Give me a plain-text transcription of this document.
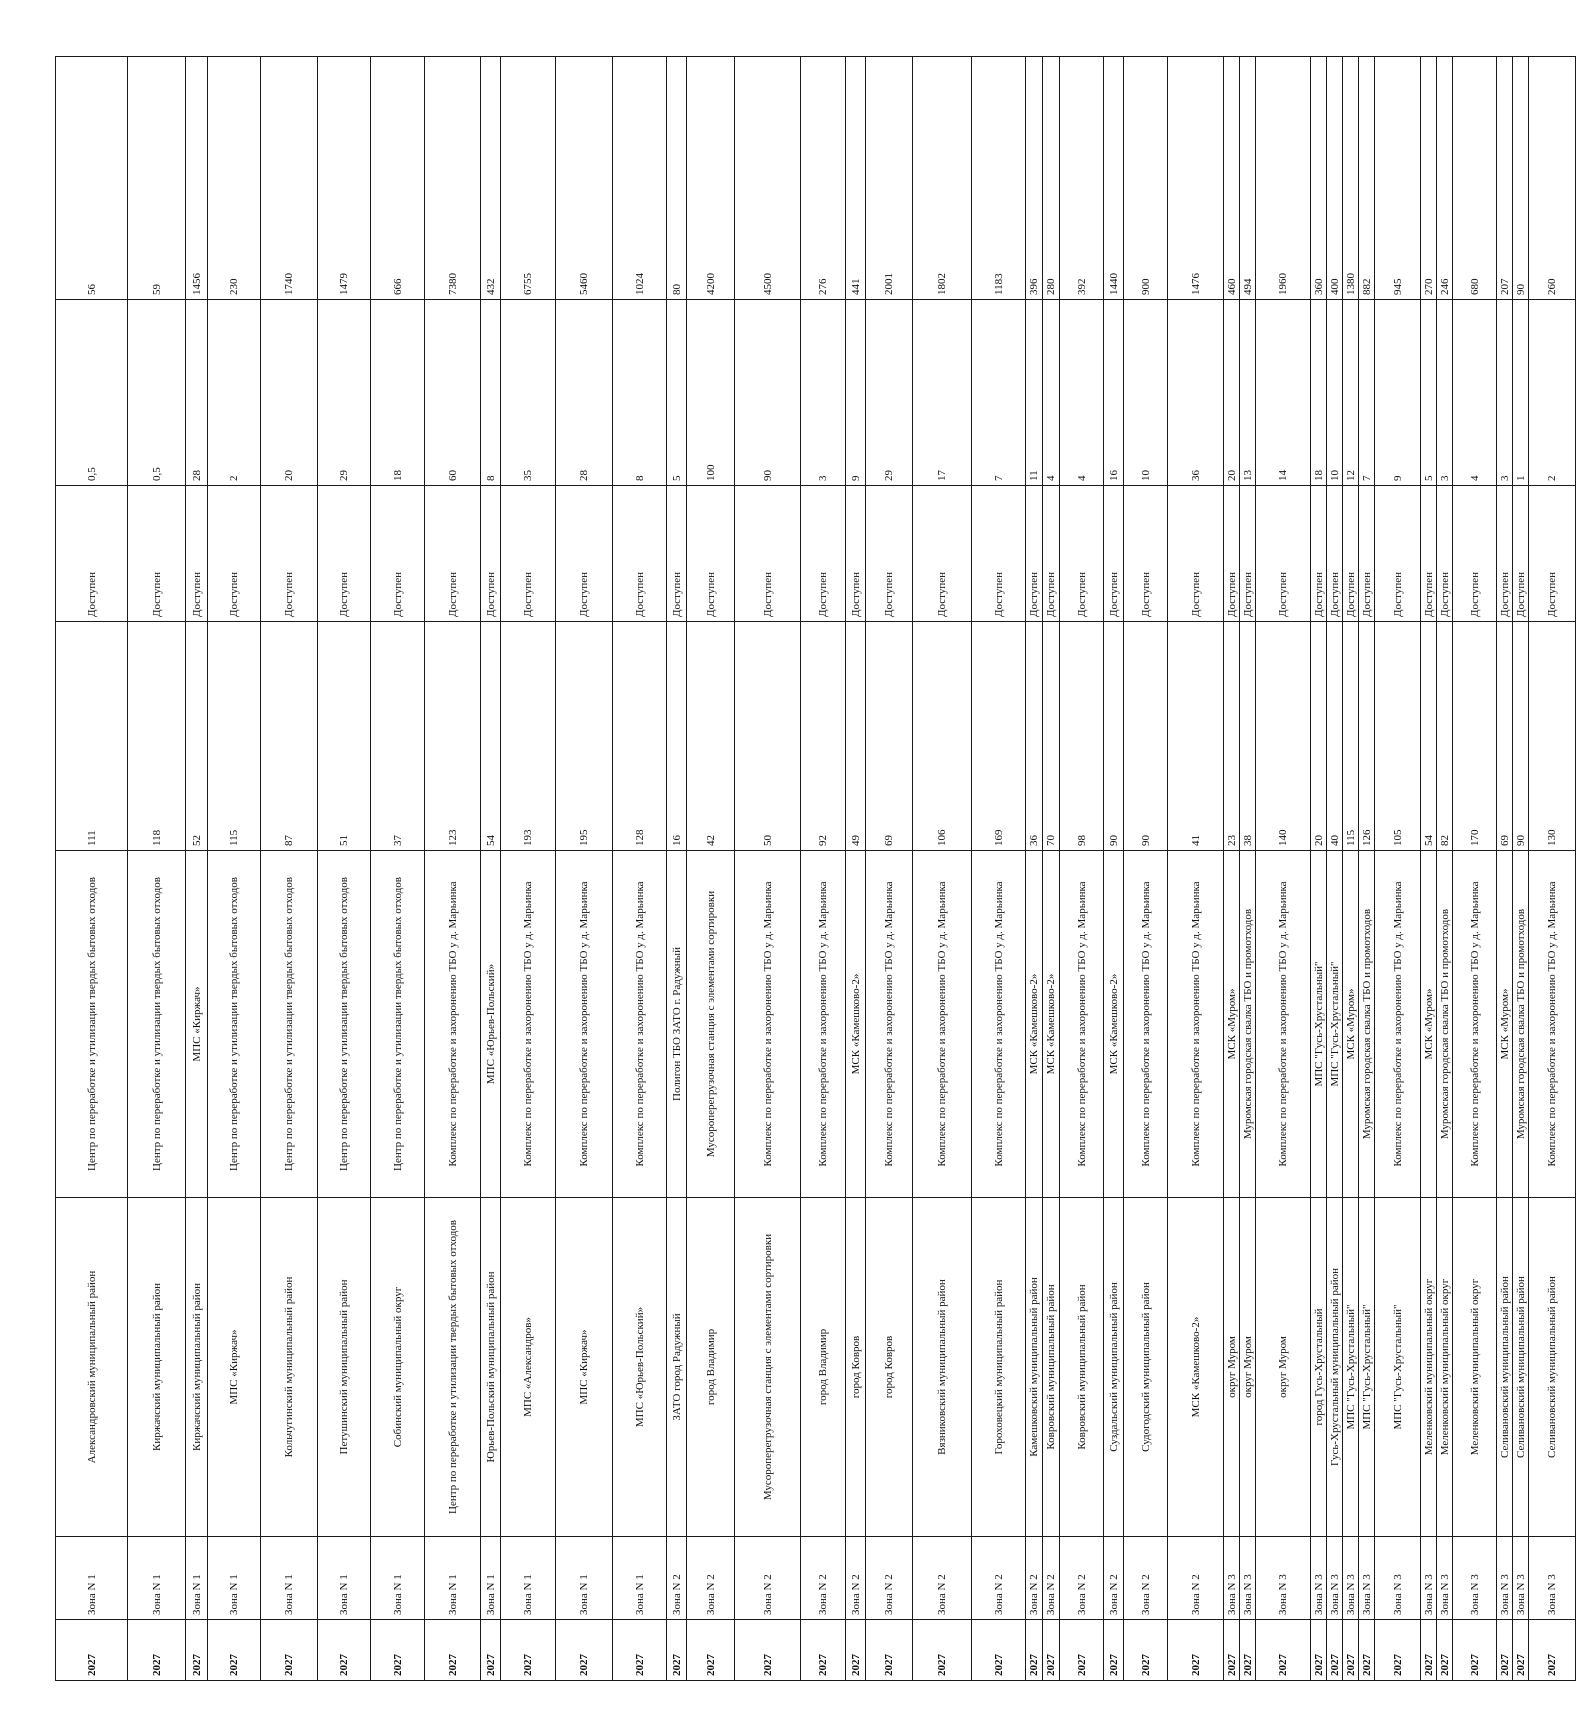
2027	Зона N 1	Александровский муниципальный район	Центр по переработке и утилизации твердых бытовых отходов	111	Доступен	0,5	56
2027	Зона N 1	Киржачский муниципальный район	Центр по переработке и утилизации твердых бытовых отходов	118	Доступен	0,5	59
2027	Зона N 1	Киржачский муниципальный район	МПС «Киржач»	52	Доступен	28	1456
2027	Зона N 1	МПС «Киржач»	Центр по переработке и утилизации твердых бытовых отходов	115	Доступен	2	230
2027	Зона N 1	Кольчугинский муниципальный район	Центр по переработке и утилизации твердых бытовых отходов	87	Доступен	20	1740
2027	Зона N 1	Петушинский муниципальный район	Центр по переработке и утилизации твердых бытовых отходов	51	Доступен	29	1479
2027	Зона N 1	Собинский муниципальный округ	Центр по переработке и утилизации твердых бытовых отходов	37	Доступен	18	666
2027	Зона N 1	Центр по переработке и утилизации твердых бытовых отходов	Комплекс по переработке и захоронению ТБО у д. Марьинка	123	Доступен	60	7380
2027	Зона N 1	Юрьев-Польский муниципальный район	МПС «Юрьев-Польский»	54	Доступен	8	432
2027	Зона N 1	МПС «Александров»	Комплекс по переработке и захоронению ТБО у д. Марьинка	193	Доступен	35	6755
2027	Зона N 1	МПС «Киржач»	Комплекс по переработке и захоронению ТБО у д. Марьинка	195	Доступен	28	5460
2027	Зона N 1	МПС «Юрьев-Польский»	Комплекс по переработке и захоронению ТБО у д. Марьинка	128	Доступен	8	1024
2027	Зона N 2	ЗАТО город Радужный	Полигон ТБО ЗАТО г. Радужный	16	Доступен	5	80
2027	Зона N 2	город Владимир	Мусороперегрузочная станция с элементами сортировки	42	Доступен	100	4200
2027	Зона N 2	Мусороперегрузочная станция с элементами сортировки	Комплекс по переработке и захоронению ТБО у д. Марьинка	50	Доступен	90	4500
2027	Зона N 2	город Владимир	Комплекс по переработке и захоронению ТБО у д. Марьинка	92	Доступен	3	276
2027	Зона N 2	город Ковров	МСК «Камешково-2»	49	Доступен	9	441
2027	Зона N 2	город Ковров	Комплекс по переработке и захоронению ТБО у д. Марьинка	69	Доступен	29	2001
2027	Зона N 2	Вязниковский муниципальный район	Комплекс по переработке и захоронению ТБО у д. Марьинка	106	Доступен	17	1802
2027	Зона N 2	Гороховецкий муниципальный район	Комплекс по переработке и захоронению ТБО у д. Марьинка	169	Доступен	7	1183
2027	Зона N 2	Камешковский муниципальный район	МСК «Камешково-2»	36	Доступен	11	396
2027	Зона N 2	Ковровский муниципальный район	МСК «Камешково-2»	70	Доступен	4	280
2027	Зона N 2	Ковровский муниципальный район	Комплекс по переработке и захоронению ТБО у д. Марьинка	98	Доступен	4	392
2027	Зона N 2	Суздальский муниципальный район	МСК «Камешково-2»	90	Доступен	16	1440
2027	Зона N 2	Судогодский муниципальный район	Комплекс по переработке и захоронению ТБО у д. Марьинка	90	Доступен	10	900
2027	Зона N 2	МСК «Камешково-2»	Комплекс по переработке и захоронению ТБО у д. Марьинка	41	Доступен	36	1476
2027	Зона N 3	округ Муром	МСК «Муром»	23	Доступен	20	460
2027	Зона N 3	округ Муром	Муромская городская свалка ТБО и промотходов	38	Доступен	13	494
2027	Зона N 3	округ Муром	Комплекс по переработке и захоронению ТБО у д. Марьинка	140	Доступен	14	1960
2027	Зона N 3	город Гусь-Хрустальный	МПС "Гусь-Хрустальный"	20	Доступен	18	360
2027	Зона N 3	Гусь-Хрустальный муниципальный район	МПС "Гусь-Хрустальный"	40	Доступен	10	400
2027	Зона N 3	МПС "Гусь-Хрустальный"	МСК «Муром»	115	Доступен	12	1380
2027	Зона N 3	МПС "Гусь-Хрустальный"	Муромская городская свалка ТБО и промотходов	126	Доступен	7	882
2027	Зона N 3	МПС "Гусь-Хрустальный"	Комплекс по переработке и захоронению ТБО у д. Марьинка	105	Доступен	9	945
2027	Зона N 3	Меленковский муниципальный округ	МСК «Муром»	54	Доступен	5	270
2027	Зона N 3	Меленковский муниципальный округ	Муромская городская свалка ТБО и промотходов	82	Доступен	3	246
2027	Зона N 3	Меленковский муниципальный округ	Комплекс по переработке и захоронению ТБО у д. Марьинка	170	Доступен	4	680
2027	Зона N 3	Селивановский муниципальный район	МСК «Муром»	69	Доступен	3	207
2027	Зона N 3	Селивановский муниципальный район	Муромская городская свалка ТБО и промотходов	90	Доступен	1	90
2027	Зона N 3	Селивановский муниципальный район	Комплекс по переработке и захоронению ТБО у д. Марьинка	130	Доступен	2	260
